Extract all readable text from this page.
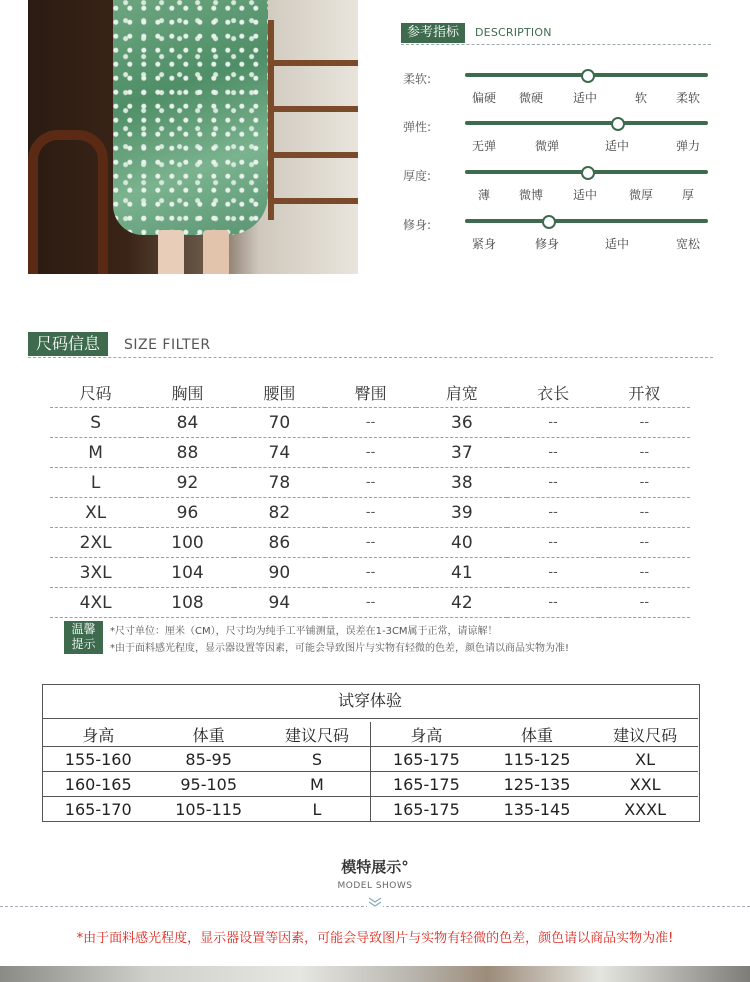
参考指标	DESCRIPTION
柔软:
偏硬 微硬 适中	软 柔软
弹性:
无弹	微弹	适中	弹力
厚度:
薄 微博 适中	微厚 厚
修身:
紧身	修身	适中	宽松
尺码信息	SIZE FILTER
尺码	胸围	腰围	臀围	肩宽	衣长	开衩
S	84	70	--	36	--	--
M	88	74	--	37	--	--
L	92	78	--	38	--	--
XL	96	82	--	39	--	--
2XL	100	86	--	40	--	--
3XL	104	90	--	41	--	--
4XL	108	94	--	42	--	--
温馨
提示
*尺寸单位：厘米（CM），尺寸均为纯手工平铺测量，误差在1-3CM属于正常，请谅解！
*由于面料感光程度，显示器设置等因素，可能会导致图片与实物有轻微的色差，颜色请以商品实物为准!
试穿体验
身高	体重	建议尺码	身高	体重	建议尺码
155-160	85-95	S	165-175	115-125	XL
160-165	95-105	M	165-175	125-135	XXL
165-170	105-115	L	165-175	135-145	XXXL
模特展示°
MODEL SHOWS
*由于面料感光程度，显示器设置等因素，可能会导致图片与实物有轻微的色差，颜色请以商品实物为准!
